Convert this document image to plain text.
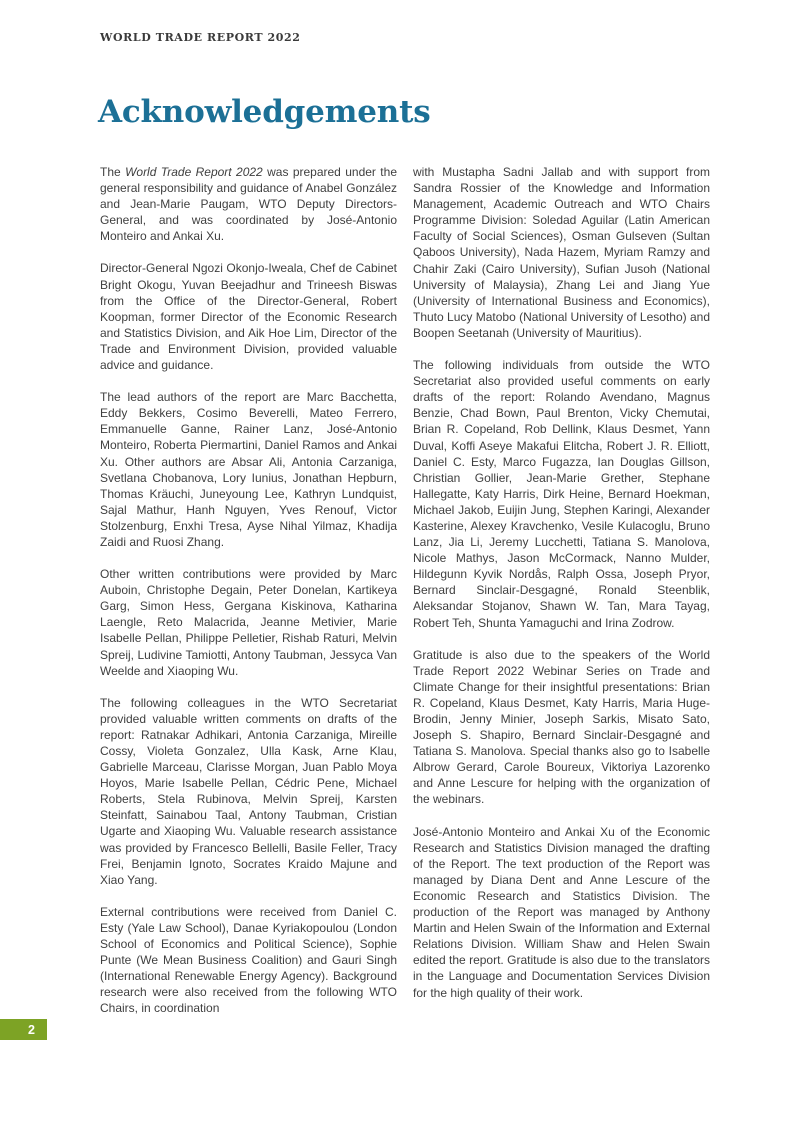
WORLD TRADE REPORT 2022
Acknowledgements

The World Trade Report 2022 was prepared under the general responsibility and guidance of Anabel González and Jean-Marie Paugam, WTO Deputy Directors-General, and was coordinated by José-Antonio Monteiro and Ankai Xu.

Director-General Ngozi Okonjo-Iweala, Chef de Cabinet Bright Okogu, Yuvan Beejadhur and Trineesh Biswas from the Office of the Director-General, Robert Koopman, former Director of the Economic Research and Statistics Division, and Aik Hoe Lim, Director of the Trade and Environment Division, provided valuable advice and guidance.

The lead authors of the report are Marc Bacchetta, Eddy Bekkers, Cosimo Beverelli, Mateo Ferrero, Emmanuelle Ganne, Rainer Lanz, José-Antonio Monteiro, Roberta Piermartini, Daniel Ramos and Ankai Xu. Other authors are Absar Ali, Antonia Carzaniga, Svetlana Chobanova, Lory Iunius, Jonathan Hepburn, Thomas Kräuchi, Juneyoung Lee, Kathryn Lundquist, Sajal Mathur, Hanh Nguyen, Yves Renouf, Victor Stolzenburg, Enxhi Tresa, Ayse Nihal Yilmaz, Khadija Zaidi and Ruosi Zhang.

Other written contributions were provided by Marc Auboin, Christophe Degain, Peter Donelan, Kartikeya Garg, Simon Hess, Gergana Kiskinova, Katharina Laengle, Reto Malacrida, Jeanne Metivier, Marie Isabelle Pellan, Philippe Pelletier, Rishab Raturi, Melvin Spreij, Ludivine Tamiotti, Antony Taubman, Jessyca Van Weelde and Xiaoping Wu.

The following colleagues in the WTO Secretariat provided valuable written comments on drafts of the report: Ratnakar Adhikari, Antonia Carzaniga, Mireille Cossy, Violeta Gonzalez, Ulla Kask, Arne Klau, Gabrielle Marceau, Clarisse Morgan, Juan Pablo Moya Hoyos, Marie Isabelle Pellan, Cédric Pene, Michael Roberts, Stela Rubinova, Melvin Spreij, Karsten Steinfatt, Sainabou Taal, Antony Taubman, Cristian Ugarte and Xiaoping Wu. Valuable research assistance was provided by Francesco Bellelli, Basile Feller, Tracy Frei, Benjamin Ignoto, Socrates Kraido Majune and Xiao Yang.

External contributions were received from Daniel C. Esty (Yale Law School), Danae Kyriakopoulou (London School of Economics and Political Science), Sophie Punte (We Mean Business Coalition) and Gauri Singh (International Renewable Energy Agency). Background research were also received from the following WTO Chairs, in coordination

with Mustapha Sadni Jallab and with support from Sandra Rossier of the Knowledge and Information Management, Academic Outreach and WTO Chairs Programme Division: Soledad Aguilar (Latin American Faculty of Social Sciences), Osman Gulseven (Sultan Qaboos University), Nada Hazem, Myriam Ramzy and Chahir Zaki (Cairo University), Sufian Jusoh (National University of Malaysia), Zhang Lei and Jiang Yue (University of International Business and Economics), Thuto Lucy Matobo (National University of Lesotho) and Boopen Seetanah (University of Mauritius).

The following individuals from outside the WTO Secretariat also provided useful comments on early drafts of the report: Rolando Avendano, Magnus Benzie, Chad Bown, Paul Brenton, Vicky Chemutai, Brian R. Copeland, Rob Dellink, Klaus Desmet, Yann Duval, Koffi Aseye Makafui Elitcha, Robert J. R. Elliott, Daniel C. Esty, Marco Fugazza, Ian Douglas Gillson, Christian Gollier, Jean-Marie Grether, Stephane Hallegatte, Katy Harris, Dirk Heine, Bernard Hoekman, Michael Jakob, Euijin Jung, Stephen Karingi, Alexander Kasterine, Alexey Kravchenko, Vesile Kulacoglu, Bruno Lanz, Jia Li, Jeremy Lucchetti, Tatiana S. Manolova, Nicole Mathys, Jason McCormack, Nanno Mulder, Hildegunn Kyvik Nordås, Ralph Ossa, Joseph Pryor, Bernard Sinclair-Desgagné, Ronald Steenblik, Aleksandar Stojanov, Shawn W. Tan, Mara Tayag, Robert Teh, Shunta Yamaguchi and Irina Zodrow.

Gratitude is also due to the speakers of the World Trade Report 2022 Webinar Series on Trade and Climate Change for their insightful presentations: Brian R. Copeland, Klaus Desmet, Katy Harris, Maria Huge-Brodin, Jenny Minier, Joseph Sarkis, Misato Sato, Joseph S. Shapiro, Bernard Sinclair-Desgagné and Tatiana S. Manolova. Special thanks also go to Isabelle Albrow Gerard, Carole Boureux, Viktoriya Lazorenko and Anne Lescure for helping with the organization of the webinars.

José-Antonio Monteiro and Ankai Xu of the Economic Research and Statistics Division managed the drafting of the Report. The text production of the Report was managed by Diana Dent and Anne Lescure of the Economic Research and Statistics Division. The production of the Report was managed by Anthony Martin and Helen Swain of the Information and External Relations Division. William Shaw and Helen Swain edited the report. Gratitude is also due to the translators in the Language and Documentation Services Division for the high quality of their work.

2
